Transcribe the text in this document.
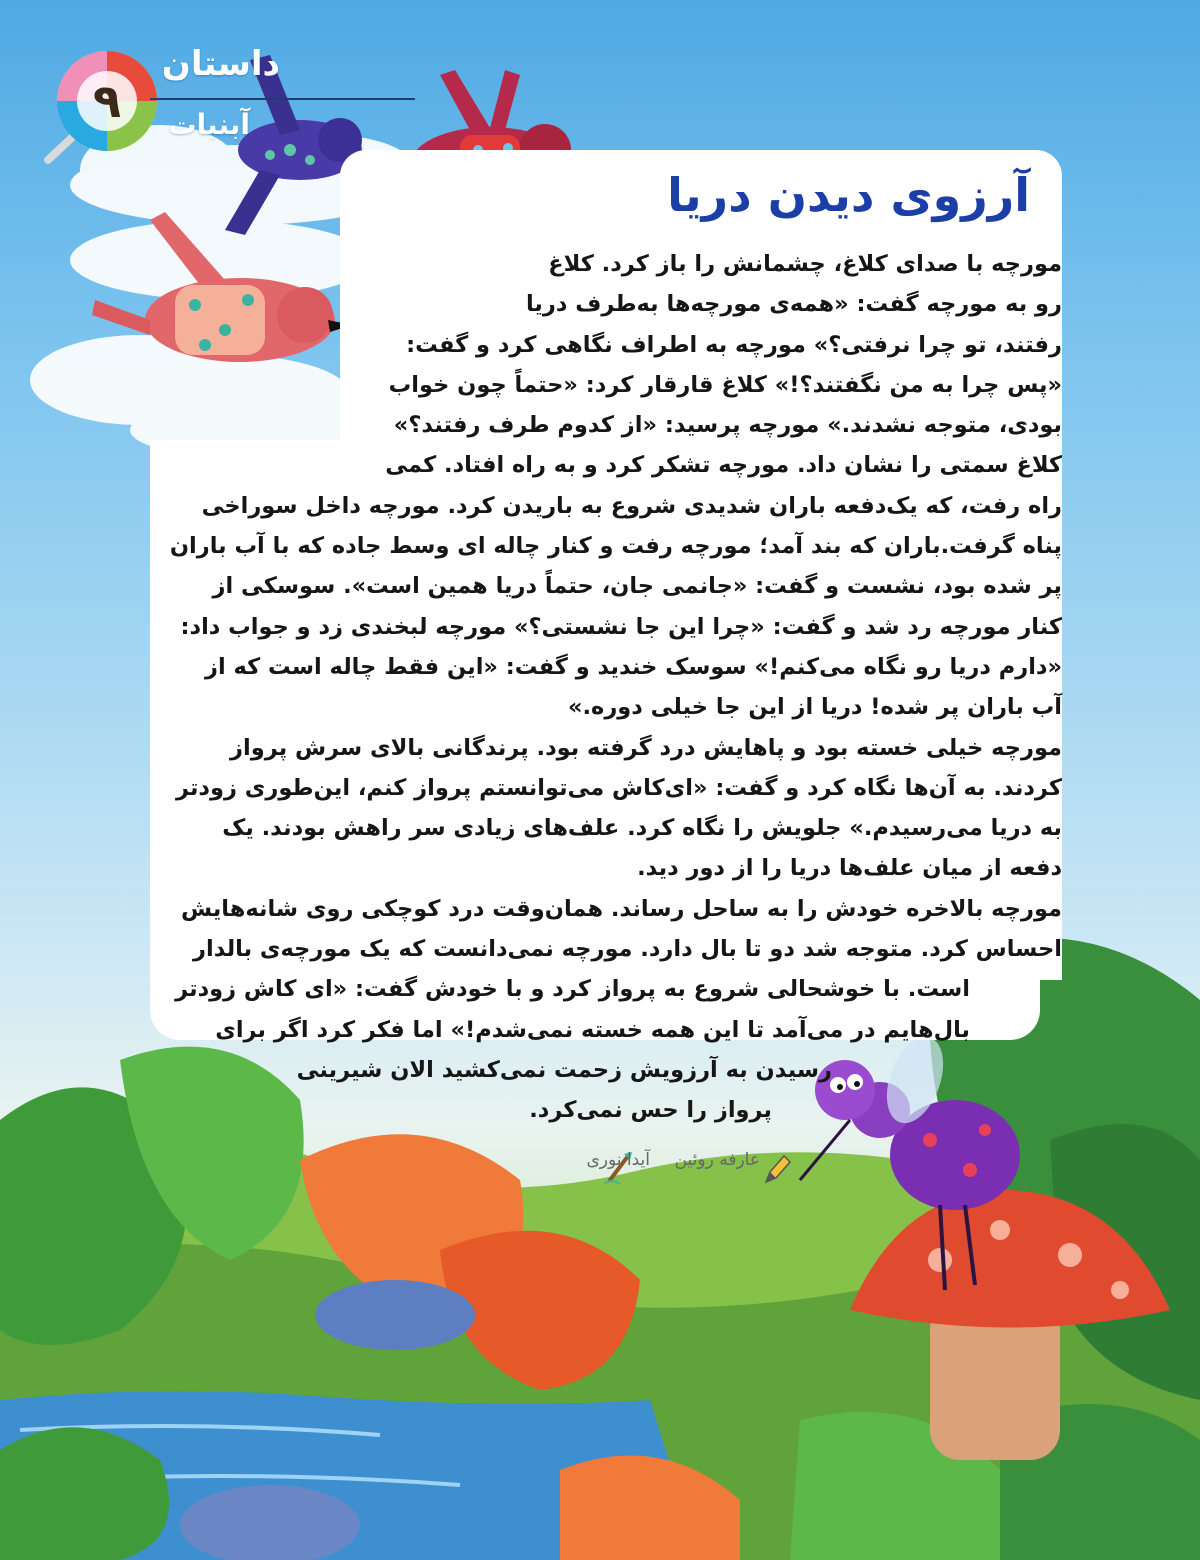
داستان
آبنبات
۹
آرزوی دیدن دریا
مورچه با صدای کلاغ، چشمانش را باز کرد. کلاغ
رو به مورچه گفت: «همه‌ی مورچه‌ها به‌طرف دریا
رفتند، تو چرا نرفتی؟» مورچه به اطراف نگاهی کرد و گفت:
«پس چرا به من نگفتند؟!» کلاغ قارقار کرد: «حتماً چون خواب
بودی، متوجه نشدند.» مورچه پرسید: «از کدوم طرف رفتند؟»
کلاغ سمتی را نشان داد. مورچه تشکر کرد و به راه افتاد. کمی
راه رفت، که یک‌دفعه باران شدیدی شروع به باریدن کرد. مورچه داخل سوراخی
پناه گرفت.باران که بند آمد؛ مورچه رفت و کنار چاله ای وسط جاده که با آب باران
پر شده بود، نشست و گفت: «جانمی جان، حتماً دریا همین است». سوسکی از
کنار مورچه رد شد و گفت: «چرا این جا نشستی؟» مورچه لبخندی زد و جواب داد:
«دارم دریا رو نگاه می‌کنم!» سوسک خندید و گفت: «این فقط چاله است که از
آب باران پر شده! دریا از این جا خیلی دوره.»
مورچه خیلی خسته بود و پاهایش درد گرفته بود. پرندگانی بالای سرش پرواز
کردند. به آن‌ها نگاه کرد و گفت: «ای‌کاش می‌توانستم پرواز کنم، این‌طوری زودتر
به دریا می‌رسیدم.» جلویش را نگاه کرد. علف‌های زیادی سر راهش بودند. یک
دفعه از میان علف‌ها دریا را از دور دید.
مورچه بالاخره خودش را به ساحل رساند. همان‌وقت درد کوچکی روی شانه‌هایش
احساس کرد. متوجه شد دو تا بال دارد. مورچه نمی‌دانست که یک مورچه‌ی بالدار
است. با خوشحالی شروع به پرواز کرد و با خودش گفت: «ای کاش زودتر
بال‌هایم در می‌آمد تا این همه خسته نمی‌شدم!» اما فکر کرد اگر برای
رسیدن به آرزویش زحمت نمی‌کشید الان شیرینی
پرواز را حس نمی‌کرد.
عارفه روئین
آیدا نوری
